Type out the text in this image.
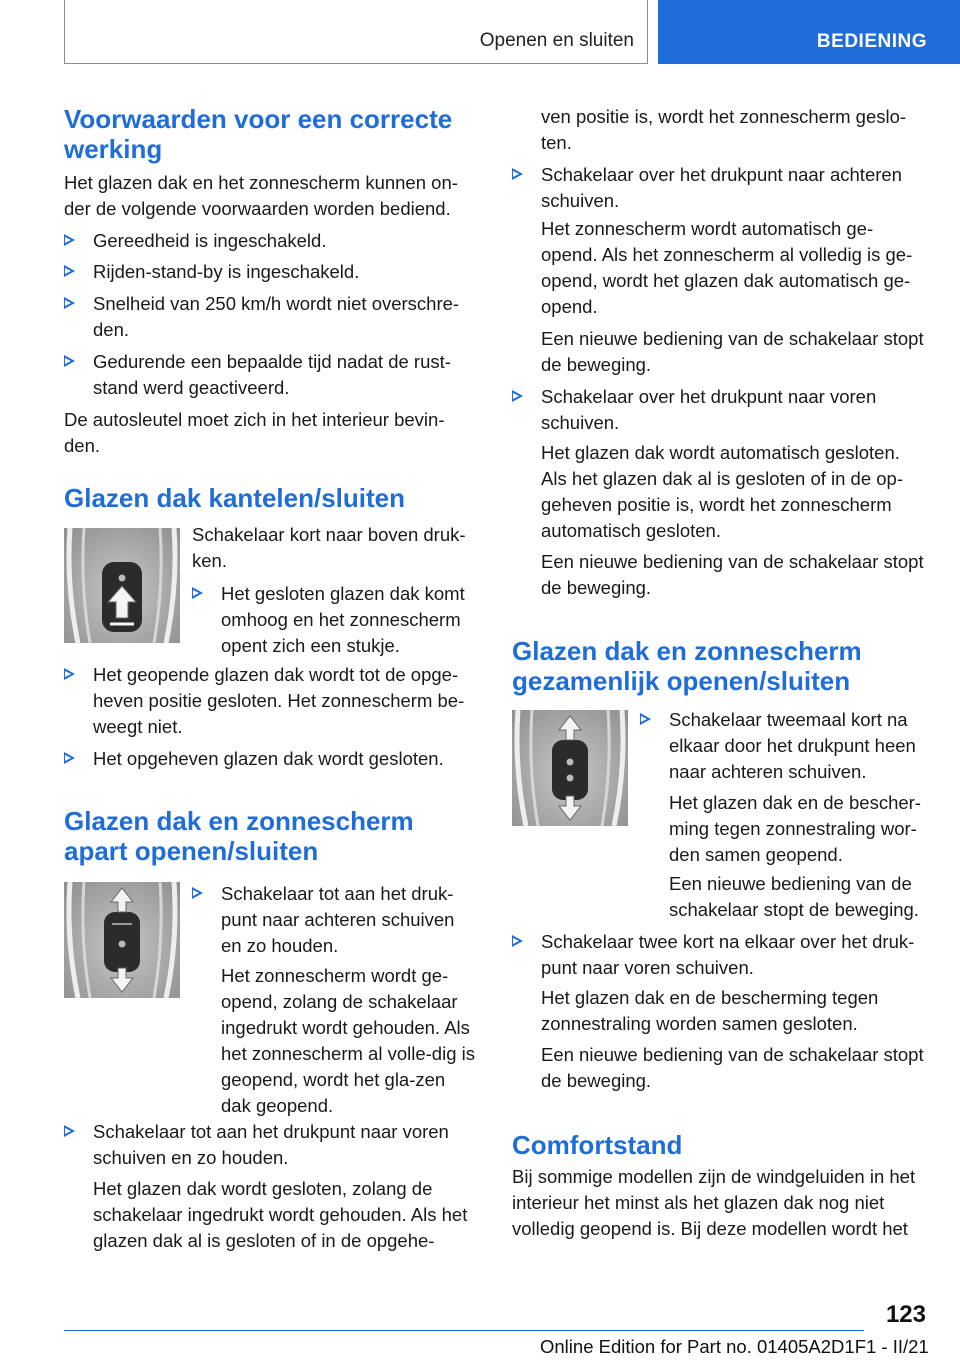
Openen en sluiten	BEDIENING
Voorwaarden voor een correcte werking

Het glazen dak en het zonnescherm kunnen on-der de volgende voorwaarden worden bediend.

Gereedheid is ingeschakeld.
Rijden-stand-by is ingeschakeld.
Snelheid van 250 km/h wordt niet overschre-den.
Gedurende een bepaalde tijd nadat de rust-stand werd geactiveerd.

De autosleutel moet zich in het interieur bevin-den.

Glazen dak kantelen/sluiten

Schakelaar kort naar boven druk-ken.

Het gesloten glazen dak komt omhoog en het zonnescherm opent zich een stukje.
Het geopende glazen dak wordt tot de opge-heven positie gesloten. Het zonnescherm be-weegt niet.
Het opgeheven glazen dak wordt gesloten.
Glazen dak en zonnescherm apart openen/sluiten
Schakelaar tot aan het druk-punt naar achteren schuiven en zo houden.

Het zonnescherm wordt ge-opend, zolang de schakelaar ingedrukt wordt gehouden. Als het zonnescherm al volle-dig is geopend, wordt het gla-zen dak geopend.

Schakelaar tot aan het drukpunt naar voren schuiven en zo houden.

Het glazen dak wordt gesloten, zolang de schakelaar ingedrukt wordt gehouden. Als het glazen dak al is gesloten of in de opgehe-

ven positie is, wordt het zonnescherm geslo-ten.

Schakelaar over het drukpunt naar achteren schuiven.

Het zonnescherm wordt automatisch ge-opend. Als het zonnescherm al volledig is ge-opend, wordt het glazen dak automatisch ge-opend.

Een nieuwe bediening van de schakelaar stopt de beweging.

Schakelaar over het drukpunt naar voren schuiven.

Het glazen dak wordt automatisch gesloten. Als het glazen dak al is gesloten of in de op-geheven positie is, wordt het zonnescherm automatisch gesloten.

Een nieuwe bediening van de schakelaar stopt de beweging.

Glazen dak en zonnescherm gezamenlijk openen/sluiten
Schakelaar tweemaal kort na elkaar door het drukpunt heen naar achteren schuiven.

Het glazen dak en de bescher-ming tegen zonnestraling wor-den samen geopend.

Een nieuwe bediening van de schakelaar stopt de beweging.

Schakelaar twee kort na elkaar over het druk-punt naar voren schuiven.

Het glazen dak en de bescherming tegen zonnestraling worden samen gesloten.

Een nieuwe bediening van de schakelaar stopt de beweging.

Comfortstand

Bij sommige modellen zijn de windgeluiden in het interieur het minst als het glazen dak nog niet volledig geopend is. Bij deze modellen wordt het

123
Online Edition for Part no. 01405A2D1F1 - II/21
